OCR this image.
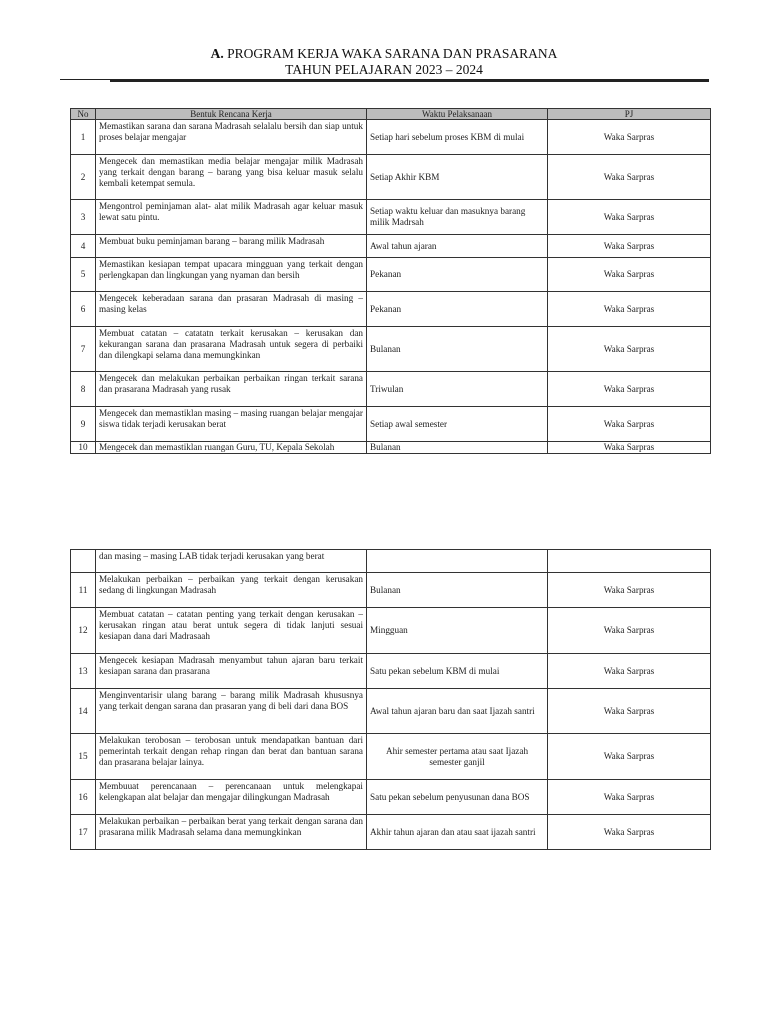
A. PROGRAM KERJA WAKA SARANA DAN PRASARANA
TAHUN PELAJARAN 2023 – 2024
No	Bentuk Rencana Kerja	Waktu Pelaksanaan	PJ
1	Memastikan sarana dan sarana Madrasah selalalu bersih dan siap untuk proses belajar mengajar	Setiap hari sebelum proses KBM di mulai	Waka Sarpras
2	Mengecek dan memastikan media belajar mengajar milik Madrasah yang terkait dengan barang – barang yang bisa keluar masuk selalu kembali ketempat semula.	Setiap Akhir KBM	Waka Sarpras
3	Mengontrol peminjaman alat- alat milik Madrasah agar keluar masuk lewat satu pintu.	Setiap waktu keluar dan masuknya barang milik Madrsah	Waka Sarpras
4	Membuat buku peminjaman barang – barang milik Madrasah	Awal tahun ajaran	Waka Sarpras
5	Memastikan kesiapan tempat upacara mingguan yang terkait dengan perlengkapan dan lingkungan yang nyaman dan bersih	Pekanan	Waka Sarpras
6	Mengecek keberadaan sarana dan prasaran Madrasah di masing – masing kelas	Pekanan	Waka Sarpras
7	Membuat catatan – catatatn terkait kerusakan – kerusakan dan kekurangan sarana dan prasarana Madrasah untuk segera di perbaiki dan dilengkapi selama dana memungkinkan	Bulanan	Waka Sarpras
8	Mengecek dan melakukan perbaikan perbaikan ringan terkait sarana dan prasarana Madrasah yang rusak	Triwulan	Waka Sarpras
9	Mengecek dan memastiklan masing – masing ruangan belajar mengajar siswa tidak terjadi kerusakan berat	Setiap awal semester	Waka Sarpras
10	Mengecek dan memastiklan ruangan Guru, TU, Kepala Sekolah	Bulanan	Waka Sarpras
	dan masing – masing LAB tidak terjadi kerusakan yang berat		
11	Melakukan perbaikan – perbaikan yang terkait dengan kerusakan sedang di lingkungan Madrasah	Bulanan	Waka Sarpras
12	Membuat catatan – catatan penting yang terkait dengan kerusakan – kerusakan ringan atau berat untuk segera di tidak lanjuti sesuai kesiapan dana dari Madrasaah	Mingguan	Waka Sarpras
13	Mengecek kesiapan Madrasah menyambut tahun ajaran baru terkait kesiapan sarana dan prasarana	Satu pekan sebelum KBM di mulai	Waka Sarpras
14	Menginventarisir ulang barang – barang milik Madrasah khususnya yang terkait dengan sarana dan prasaran yang di beli dari dana BOS	Awal tahun ajaran baru dan saat Ijazah santri	Waka Sarpras
15	Melakukan terobosan – terobosan untuk mendapatkan bantuan dari pemerintah terkait dengan rehap ringan dan berat dan bantuan sarana dan prasarana belajar lainya.	Ahir semester pertama atau saat Ijazah semester ganjil	Waka Sarpras
16	Membuuat perencanaan – perencanaan untuk melengkapai kelengkapan alat belajar dan mengajar dilingkungan Madrasah	Satu pekan sebelum penyusunan dana BOS	Waka Sarpras
17	Melakukan perbaikan – perbaikan berat yang terkait dengan sarana dan prasarana milik Madrasah selama dana memungkinkan	Akhir tahun ajaran dan atau saat ijazah santri	Waka Sarpras
